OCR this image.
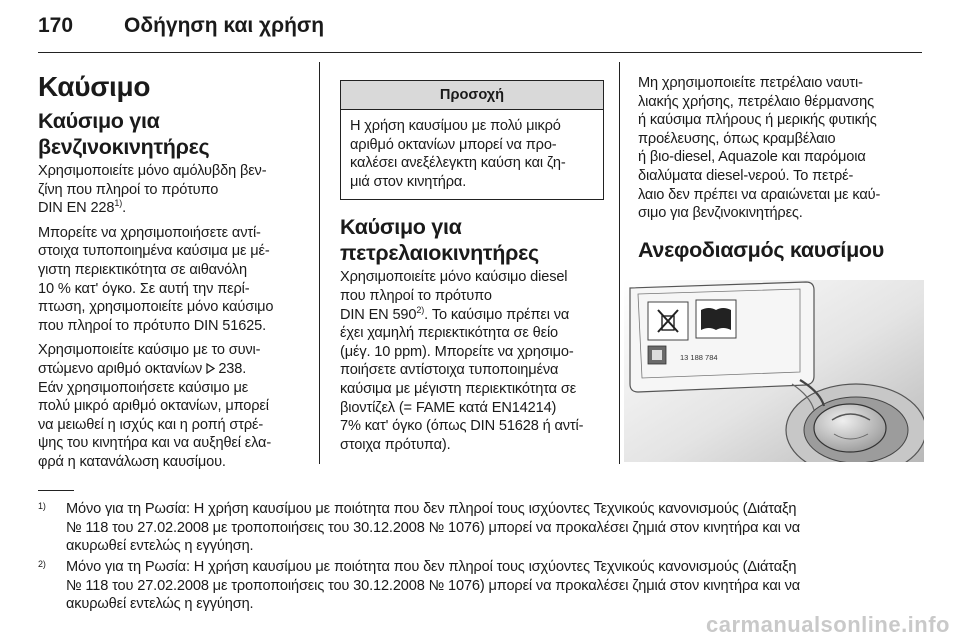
170 Οδήγηση και χρήση
Καύσιμο
Καύσιμο για
βενζινοκινητήρες
Χρησιμοποιείτε μόνο αμόλυβδη βεν-
ζίνη που πληροί το πρότυπο
DIN EN 228$^{1)}$.
Μπορείτε να χρησιμοποιήσετε αντί-
στοιχα τυποποιημένα καύσιμα με μέ-
γιστη περιεκτικότητα σε αιθανόλη
10 % κατ' όγκο. Σε αυτή την περί-
πτωση, χρησιμοποιείτε μόνο καύσιμο
που πληροί το πρότυπο DIN 51625.
Χρησιμοποιείτε καύσιμο με το συνι-
στώμενο αριθμό οκτανίων 238.
Εάν χρησιμοποιήσετε καύσιμο με
πολύ μικρό αριθμό οκτανίων, μπορεί
να μειωθεί η ισχύς και η ροπή στρέ-
ψης του κινητήρα και να αυξηθεί ελα-
φρά η κατανάλωση καυσίμου.
Προσοχή
Η χρήση καυσίμου με πολύ μικρό
αριθμό οκτανίων μπορεί να προ-
καλέσει ανεξέλεγκτη καύση και ζη-
μιά στον κινητήρα.
Καύσιμο για
πετρελαιοκινητήρες
Χρησιμοποιείτε μόνο καύσιμο diesel
που πληροί το πρότυπο
DIN EN 590$^{2)}$. Το καύσιμο πρέπει να
έχει χαμηλή περιεκτικότητα σε θείο
(μέγ. 10 ppm). Μπορείτε να χρησιμο-
ποιήσετε αντίστοιχα τυποποιημένα
καύσιμα με μέγιστη περιεκτικότητα σε
βιοντίζελ (= FAME κατά EN14214)
7% κατ' όγκο (όπως DIN 51628 ή αντί-
στοιχα πρότυπα).
Μη χρησιμοποιείτε πετρέλαιο ναυτι-
λιακής χρήσης, πετρέλαιο θέρμανσης
ή καύσιμα πλήρους ή μερικής φυτικής
προέλευσης, όπως κραμβέλαιο
ή βιο-diesel, Aquazole και παρόμοια
διαλύματα diesel-νερού. Το πετρέ-
λαιο δεν πρέπει να αραιώνεται με καύ-
σιμο για βενζινοκινητήρες.
Ανεφοδιασμός καυσίμου
13 188 784
1) Μόνο για τη Ρωσία: Η χρήση καυσίμου με ποιότητα που δεν πληροί τους ισχύοντες Τεχνικούς κανονισμούς (Διάταξη
№ 118 του 27.02.2008 με τροποποιήσεις του 30.12.2008 № 1076) μπορεί να προκαλέσει ζημιά στον κινητήρα και να
ακυρωθεί εντελώς η εγγύηση.
2) Μόνο για τη Ρωσία: Η χρήση καυσίμου με ποιότητα που δεν πληροί τους ισχύοντες Τεχνικούς κανονισμούς (Διάταξη
№ 118 του 27.02.2008 με τροποποιήσεις του 30.12.2008 № 1076) μπορεί να προκαλέσει ζημιά στον κινητήρα και να
ακυρωθεί εντελώς η εγγύηση.
carmanualsonline.info
